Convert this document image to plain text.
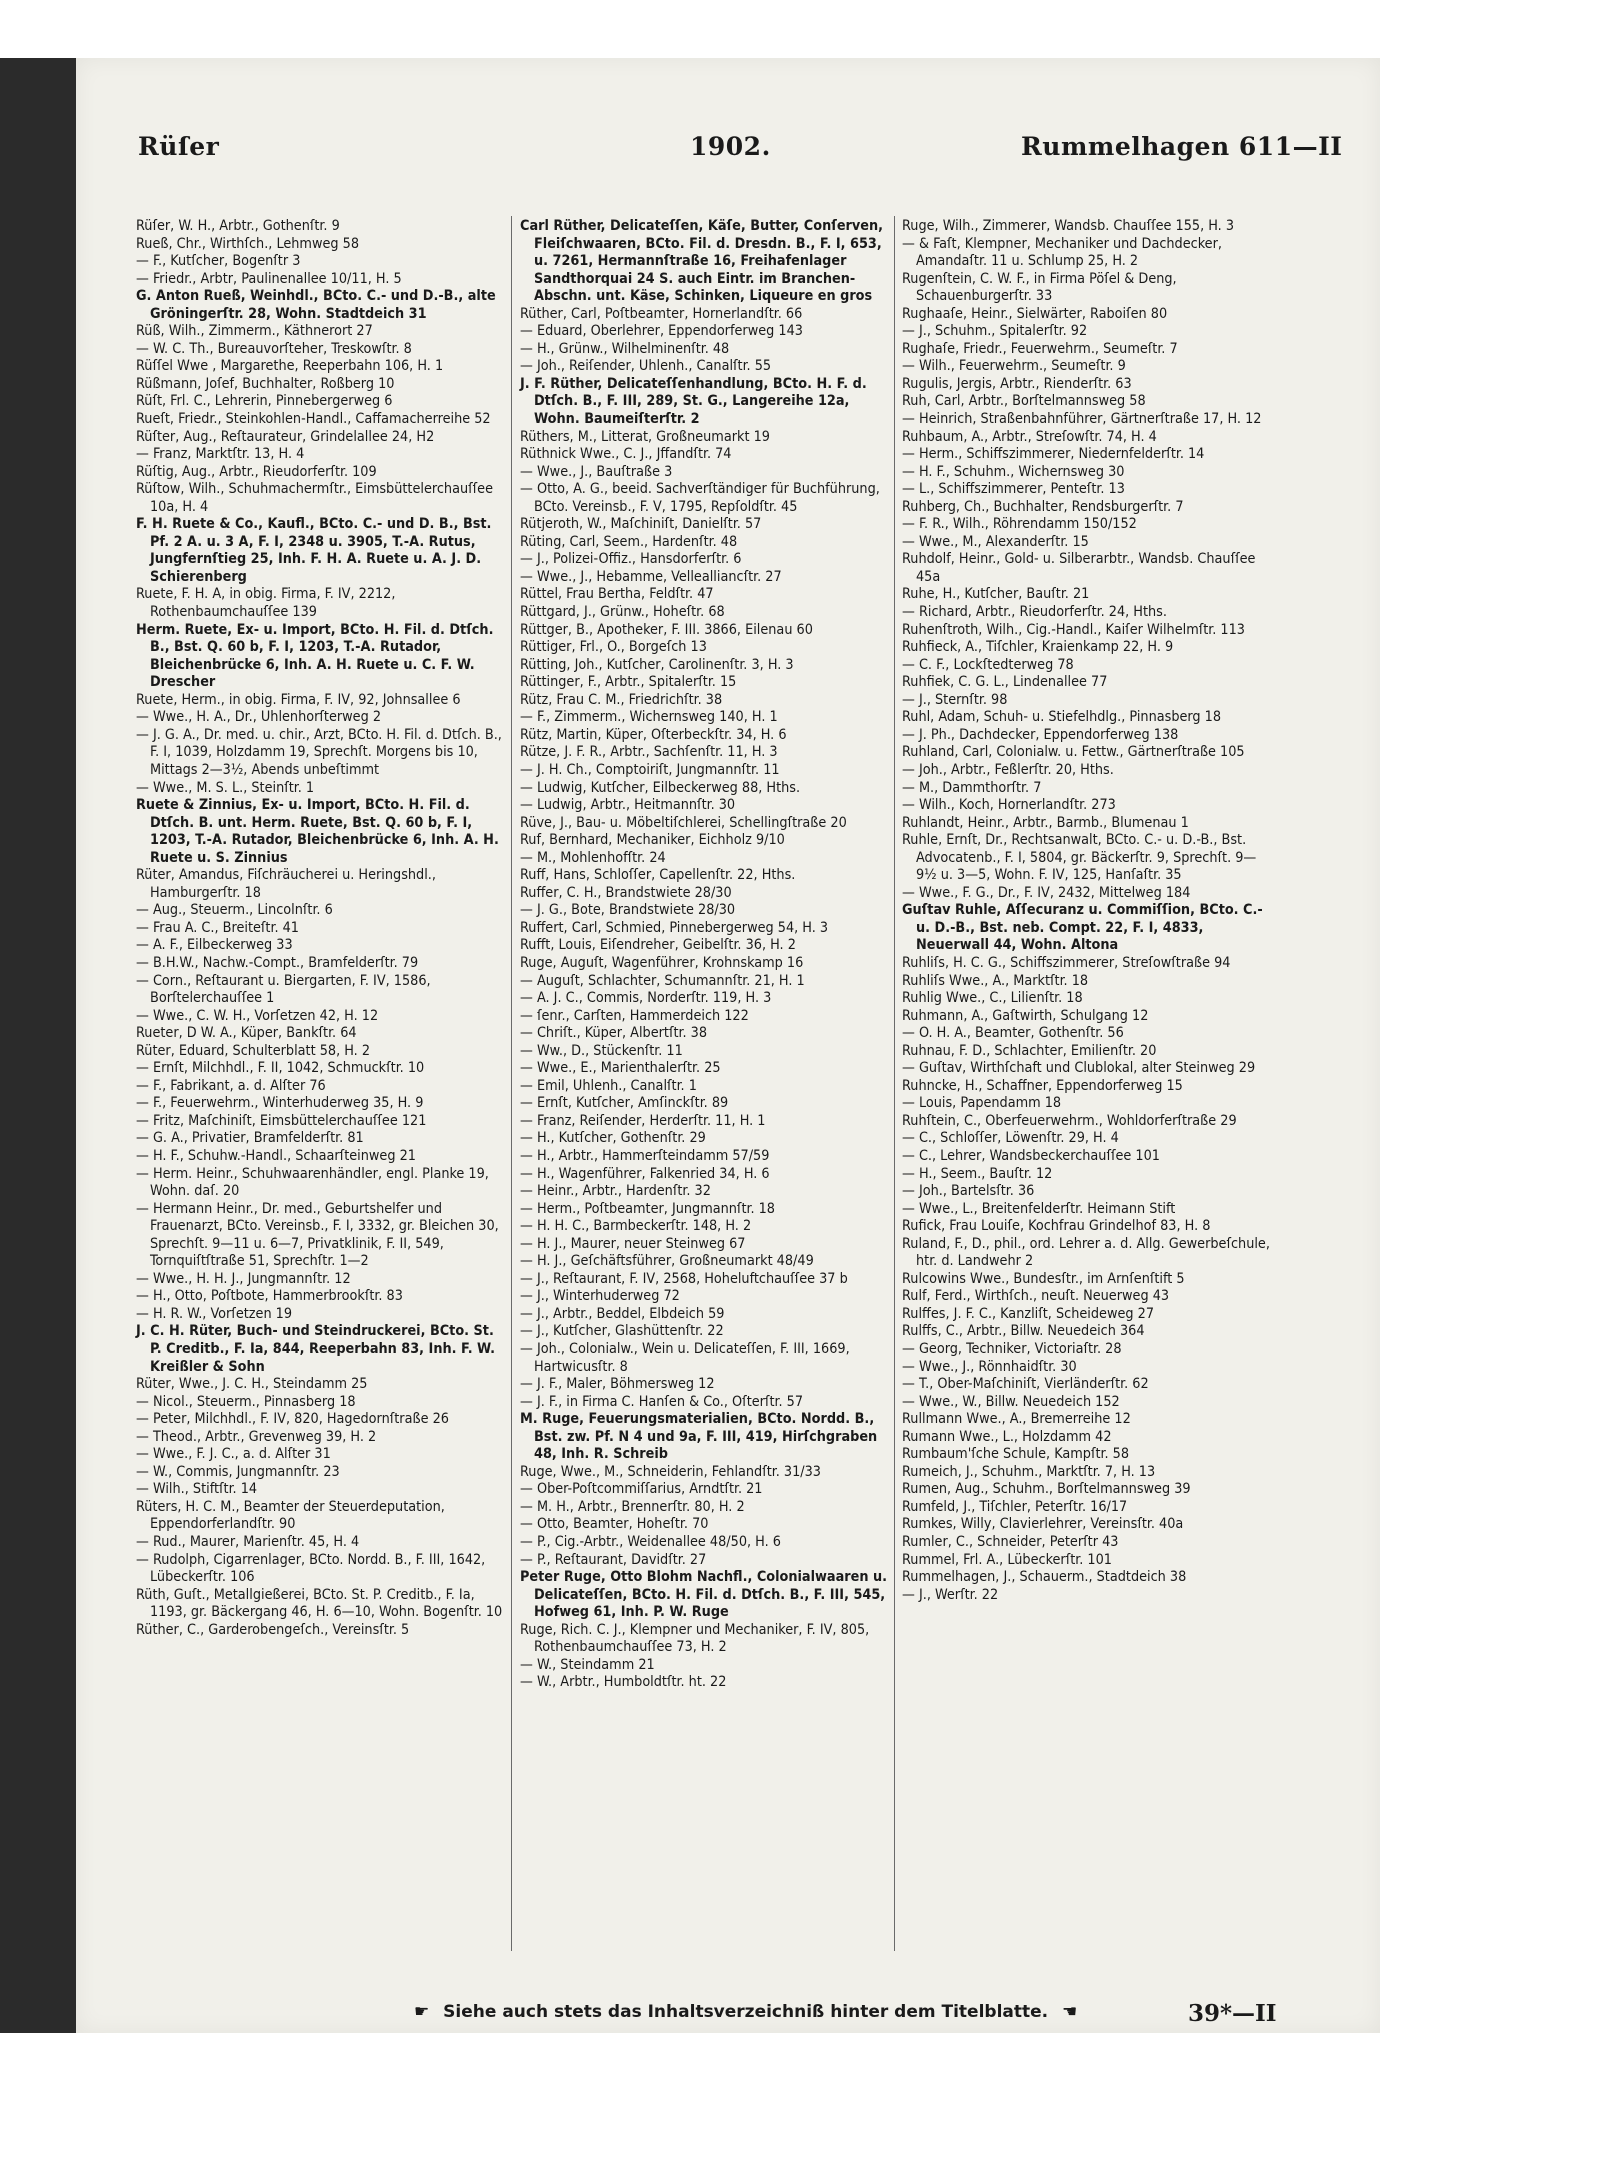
Rüſer	1902.	Rummelhagen 611—II
Rüſer, W. H., Arbtr., Gothenſtr. 9
Rueß, Chr., Wirthſch., Lehmweg 58
— F., Kutſcher, Bogenſtr 3
— Friedr., Arbtr, Paulinenallee 10/11, H. 5
G. Anton Rueß, Weinhdl., BCto. C.- und D.-B., alte Gröningerſtr. 28, Wohn. Stadtdeich 31
Rüß, Wilh., Zimmerm., Käthnerort 27
— W. C. Th., Bureauvorſteher, Treskowſtr. 8
Rüſſel Wwe , Margarethe, Reeperbahn 106, H. 1
Rüßmann, Joſef, Buchhalter, Roßberg 10
Rüſt, Frl. C., Lehrerin, Pinnebergerweg 6
Rueſt, Friedr., Steinkohlen-Handl., Caffamacherreihe 52
Rüſter, Aug., Reſtaurateur, Grindelallee 24, H2
— Franz, Marktſtr. 13, H. 4
Rüſtig, Aug., Arbtr., Rieudorferſtr. 109
Rüſtow, Wilh., Schuhmachermſtr., Eimsbüttelerchauſſee 10a, H. 4
F. H. Ruete & Co., Kaufl., BCto. C.- und D. B., Bst. Pf. 2 A. u. 3 A, F. I, 2348 u. 3905, T.-A. Rutus, Jungfernſtieg 25, Inh. F. H. A. Ruete u. A. J. D. Schierenberg
Ruete, F. H. A, in obig. Firma, F. IV, 2212, Rothenbaumchauſſee 139
Herm. Ruete, Ex- u. Import, BCto. H. Fil. d. Dtſch. B., Bst. Q. 60 b, F. I, 1203, T.-A. Rutador, Bleichenbrücke 6, Inh. A. H. Ruete u. C. F. W. Drescher
Ruete, Herm., in obig. Firma, F. IV, 92, Johnsallee 6
— Wwe., H. A., Dr., Uhlenhorſterweg 2
— J. G. A., Dr. med. u. chir., Arzt, BCto. H. Fil. d. Dtſch. B., F. I, 1039, Holzdamm 19, Sprechſt. Morgens bis 10, Mittags 2—3½, Abends unbeſtimmt
— Wwe., M. S. L., Steinſtr. 1
Ruete & Zinnius, Ex- u. Import, BCto. H. Fil. d. Dtſch. B. unt. Herm. Ruete, Bst. Q. 60 b, F. I, 1203, T.-A. Rutador, Bleichenbrücke 6, Inh. A. H. Ruete u. S. Zinnius
Rüter, Amandus, Fiſchräucherei u. Heringshdl., Hamburgerſtr. 18
— Aug., Steuerm., Lincolnſtr. 6
— Frau A. C., Breiteſtr. 41
— A. F., Eilbeckerweg 33
— B.H.W., Nachw.-Compt., Bramfelderſtr. 79
— Corn., Reſtaurant u. Biergarten, F. IV, 1586, Borſtelerchauſſee 1
— Wwe., C. W. H., Vorſetzen 42, H. 12
Rueter, D W. A., Küper, Bankſtr. 64
Rüter, Eduard, Schulterblatt 58, H. 2
— Ernſt, Milchhdl., F. II, 1042, Schmuckſtr. 10
— F., Fabrikant, a. d. Alſter 76
— F., Feuerwehrm., Winterhuderweg 35, H. 9
— Fritz, Maſchiniſt, Eimsbüttelerchauſſee 121
— G. A., Privatier, Bramfelderſtr. 81
— H. F., Schuhw.-Handl., Schaarſteinweg 21
— Herm. Heinr., Schuhwaarenhändler, engl. Planke 19, Wohn. daſ. 20
— Hermann Heinr., Dr. med., Geburtshelfer und Frauenarzt, BCto. Vereinsb., F. I, 3332, gr. Bleichen 30, Sprechſt. 9—11 u. 6—7, Privatklinik, F. II, 549, Tornquiſtſtraße 51, Sprechſtr. 1—2
— Wwe., H. H. J., Jungmannſtr. 12
— H., Otto, Poſtbote, Hammerbrookſtr. 83
— H. R. W., Vorſetzen 19
J. C. H. Rüter, Buch- und Steindruckerei, BCto. St. P. Creditb., F. Ia, 844, Reeperbahn 83, Inh. F. W. Kreißler & Sohn
Rüter, Wwe., J. C. H., Steindamm 25
— Nicol., Steuerm., Pinnasberg 18
— Peter, Milchhdl., F. IV, 820, Hagedornſtraße 26
— Theod., Arbtr., Grevenweg 39, H. 2
— Wwe., F. J. C., a. d. Alſter 31
— W., Commis, Jungmannſtr. 23
— Wilh., Stiftſtr. 14
Rüters, H. C. M., Beamter der Steuerdeputation, Eppendorferlandſtr. 90
— Rud., Maurer, Marienſtr. 45, H. 4
— Rudolph, Cigarrenlager, BCto. Nordd. B., F. III, 1642, Lübeckerſtr. 106
Rüth, Guſt., Metallgießerei, BCto. St. P. Creditb., F. Ia, 1193, gr. Bäckergang 46, H. 6—10, Wohn. Bogenſtr. 10
Rüther, C., Garderobengeſch., Vereinsſtr. 5
Carl Rüther, Delicateſſen, Käſe, Butter, Conſerven, Fleiſchwaaren, BCto. Fil. d. Dresdn. B., F. I, 653, u. 7261, Hermannſtraße 16, Freihafenlager Sandthorquai 24 S. auch Eintr. im Branchen-Abschn. unt. Käse, Schinken, Liqueure en gros
Rüther, Carl, Poſtbeamter, Hornerlandſtr. 66
— Eduard, Oberlehrer, Eppendorferweg 143
— H., Grünw., Wilhelminenſtr. 48
— Joh., Reiſender, Uhlenh., Canalſtr. 55
J. F. Rüther, Delicateſſenhandlung, BCto. H. F. d. Dtſch. B., F. III, 289, St. G., Langereihe 12a, Wohn. Baumeiſterſtr. 2
Rüthers, M., Litterat, Großneumarkt 19
Rüthnick Wwe., C. J., Jffandſtr. 74
— Wwe., J., Bauſtraße 3
— Otto, A. G., beeid. Sachverſtändiger für Buchführung, BCto. Vereinsb., F. V, 1795, Repſoldſtr. 45
Rütjeroth, W., Maſchiniſt, Danielſtr. 57
Rüting, Carl, Seem., Hardenſtr. 48
— J., Polizei-Offiz., Hansdorferſtr. 6
— Wwe., J., Hebamme, Vellealliancſtr. 27
Rüttel, Frau Bertha, Feldſtr. 47
Rüttgard, J., Grünw., Hoheſtr. 68
Rüttger, B., Apotheker, F. III. 3866, Eilenau 60
Rüttiger, Frl., O., Borgeſch 13
Rütting, Joh., Kutſcher, Carolinenſtr. 3, H. 3
Rüttinger, F., Arbtr., Spitalerſtr. 15
Rütz, Frau C. M., Friedrichſtr. 38
— F., Zimmerm., Wichernsweg 140, H. 1
Rütz, Martin, Küper, Oſterbeckſtr. 34, H. 6
Rütze, J. F. R., Arbtr., Sachſenſtr. 11, H. 3
— J. H. Ch., Comptoiriſt, Jungmannſtr. 11
— Ludwig, Kutſcher, Eilbeckerweg 88, Hths.
— Ludwig, Arbtr., Heitmannſtr. 30
Rüve, J., Bau- u. Möbeltiſchlerei, Schellingſtraße 20
Ruf, Bernhard, Mechaniker, Eichholz 9/10
— M., Mohlenhofſtr. 24
Ruff, Hans, Schloſſer, Capellenſtr. 22, Hths.
Ruffer, C. H., Brandstwiete 28/30
— J. G., Bote, Brandstwiete 28/30
Ruffert, Carl, Schmied, Pinnebergerweg 54, H. 3
Rufft, Louis, Eiſendreher, Geibelſtr. 36, H. 2
Ruge, Auguſt, Wagenführer, Krohnskamp 16
— Auguſt, Schlachter, Schumannſtr. 21, H. 1
— A. J. C., Commis, Norderſtr. 119, H. 3
— ſenr., Carſten, Hammerdeich 122
— Chriſt., Küper, Albertſtr. 38
— Ww., D., Stückenſtr. 11
— Wwe., E., Marienthalerſtr. 25
— Emil, Uhlenh., Canalſtr. 1
— Ernſt, Kutſcher, Amſinckſtr. 89
— Franz, Reiſender, Herderſtr. 11, H. 1
— H., Kutſcher, Gothenſtr. 29
— H., Arbtr., Hammerſteindamm 57/59
— H., Wagenführer, Falkenried 34, H. 6
— Heinr., Arbtr., Hardenſtr. 32
— Herm., Poſtbeamter, Jungmannſtr. 18
— H. H. C., Barmbeckerſtr. 148, H. 2
— H. J., Maurer, neuer Steinweg 67
— H. J., Geſchäftsführer, Großneumarkt 48/49
— J., Reſtaurant, F. IV, 2568, Hoheluftchauſſee 37 b
— J., Winterhuderweg 72
— J., Arbtr., Beddel, Elbdeich 59
— J., Kutſcher, Glashüttenſtr. 22
— Joh., Colonialw., Wein u. Delicateſſen, F. III, 1669, Hartwicusſtr. 8
— J. F., Maler, Böhmersweg 12
— J. F., in Firma C. Hanſen & Co., Oſterſtr. 57
M. Ruge, Feuerungsmaterialien, BCto. Nordd. B., Bst. zw. Pf. N 4 und 9a, F. III, 419, Hirſchgraben 48, Inh. R. Schreib
Ruge, Wwe., M., Schneiderin, Fehlandſtr. 31/33
— Ober-Poſtcommiſſarius, Arndtſtr. 21
— M. H., Arbtr., Brennerſtr. 80, H. 2
— Otto, Beamter, Hoheſtr. 70
— P., Cig.-Arbtr., Weidenallee 48/50, H. 6
— P., Reſtaurant, Davidſtr. 27
Peter Ruge, Otto Blohm Nachfl., Colonialwaaren u. Delicateſſen, BCto. H. Fil. d. Dtſch. B., F. III, 545, Hofweg 61, Inh. P. W. Ruge
Ruge, Rich. C. J., Klempner und Mechaniker, F. IV, 805, Rothenbaumchauſſee 73, H. 2
— W., Steindamm 21
— W., Arbtr., Humboldtſtr. ht. 22
Ruge, Wilh., Zimmerer, Wandsb. Chauſſee 155, H. 3
— & Faſt, Klempner, Mechaniker und Dachdecker, Amandaſtr. 11 u. Schlump 25, H. 2
Rugenſtein, C. W. F., in Firma Pöſel & Deng, Schauenburgerſtr. 33
Rughaaſe, Heinr., Sielwärter, Raboiſen 80
— J., Schuhm., Spitalerſtr. 92
Rughaſe, Friedr., Feuerwehrm., Seumeſtr. 7
— Wilh., Feuerwehrm., Seumeſtr. 9
Rugulis, Jergis, Arbtr., Rienderſtr. 63
Ruh, Carl, Arbtr., Borſtelmannsweg 58
— Heinrich, Straßenbahnführer, Gärtnerſtraße 17, H. 12
Ruhbaum, A., Arbtr., Streſowſtr. 74, H. 4
— Herm., Schiffszimmerer, Niedernfelderſtr. 14
— H. F., Schuhm., Wichernsweg 30
— L., Schiffszimmerer, Penteſtr. 13
Ruhberg, Ch., Buchhalter, Rendsburgerſtr. 7
— F. R., Wilh., Röhrendamm 150/152
— Wwe., M., Alexanderſtr. 15
Ruhdolf, Heinr., Gold- u. Silberarbtr., Wandsb. Chauſſee 45a
Ruhe, H., Kutſcher, Bauſtr. 21
— Richard, Arbtr., Rieudorferſtr. 24, Hths.
Ruhenſtroth, Wilh., Cig.-Handl., Kaiſer Wilhelmſtr. 113
Ruhfieck, A., Tiſchler, Kraienkamp 22, H. 9
— C. F., Lockſtedterweg 78
Ruhfiek, C. G. L., Lindenallee 77
— J., Sternſtr. 98
Ruhl, Adam, Schuh- u. Stiefelhdlg., Pinnasberg 18
— J. Ph., Dachdecker, Eppendorferweg 138
Ruhland, Carl, Colonialw. u. Fettw., Gärtnerſtraße 105
— Joh., Arbtr., Feßlerſtr. 20, Hths.
— M., Dammthorſtr. 7
— Wilh., Koch, Hornerlandſtr. 273
Ruhlandt, Heinr., Arbtr., Barmb., Blumenau 1
Ruhle, Ernſt, Dr., Rechtsanwalt, BCto. C.- u. D.-B., Bst. Advocatenb., F. I, 5804, gr. Bäckerſtr. 9, Sprechſt. 9—9½ u. 3—5, Wohn. F. IV, 125, Hanſaſtr. 35
— Wwe., F. G., Dr., F. IV, 2432, Mittelweg 184
Guſtav Ruhle, Aſſecuranz u. Commiſſion, BCto. C.- u. D.-B., Bst. neb. Compt. 22, F. I, 4833, Neuerwall 44, Wohn. Altona
Ruhliſs, H. C. G., Schiffszimmerer, Streſowſtraße 94
Ruhliſs Wwe., A., Marktſtr. 18
Ruhlig Wwe., C., Lilienſtr. 18
Ruhmann, A., Gaſtwirth, Schulgang 12
— O. H. A., Beamter, Gothenſtr. 56
Ruhnau, F. D., Schlachter, Emilienſtr. 20
— Guſtav, Wirthſchaft und Clublokal, alter Steinweg 29
Ruhncke, H., Schaffner, Eppendorferweg 15
— Louis, Papendamm 18
Ruhſtein, C., Oberfeuerwehrm., Wohldorferſtraße 29
— C., Schloſſer, Löwenſtr. 29, H. 4
— C., Lehrer, Wandsbeckerchauſſee 101
— H., Seem., Bauſtr. 12
— Joh., Bartelsſtr. 36
— Wwe., L., Breitenfelderſtr. Heimann Stift
Rufick, Frau Louiſe, Kochfrau Grindelhof 83, H. 8
Ruland, F., D., phil., ord. Lehrer a. d. Allg. Gewerbeſchule, htr. d. Landwehr 2
Rulcowins Wwe., Bundesſtr., im Arnſenſtift 5
Rulf, Ferd., Wirthſch., neuſt. Neuerweg 43
Rulffes, J. F. C., Kanzliſt, Scheideweg 27
Rulffs, C., Arbtr., Billw. Neuedeich 364
— Georg, Techniker, Victoriaſtr. 28
— Wwe., J., Rönnhaidſtr. 30
— T., Ober-Maſchiniſt, Vierländerſtr. 62
— Wwe., W., Billw. Neuedeich 152
Rullmann Wwe., A., Bremerreihe 12
Rumann Wwe., L., Holzdamm 42
Rumbaum'ſche Schule, Kampſtr. 58
Rumeich, J., Schuhm., Marktſtr. 7, H. 13
Rumen, Aug., Schuhm., Borſtelmannsweg 39
Rumfeld, J., Tiſchler, Peterſtr. 16/17
Rumkes, Willy, Clavierlehrer, Vereinsſtr. 40a
Rumler, C., Schneider, Peterſtr 43
Rummel, Frl. A., Lübeckerſtr. 101
Rummelhagen, J., Schauerm., Stadtdeich 38
— J., Werſtr. 22
☛ Siehe auch stets das Inhaltsverzeichniß hinter dem Titelblatte. ☚	39*—II
